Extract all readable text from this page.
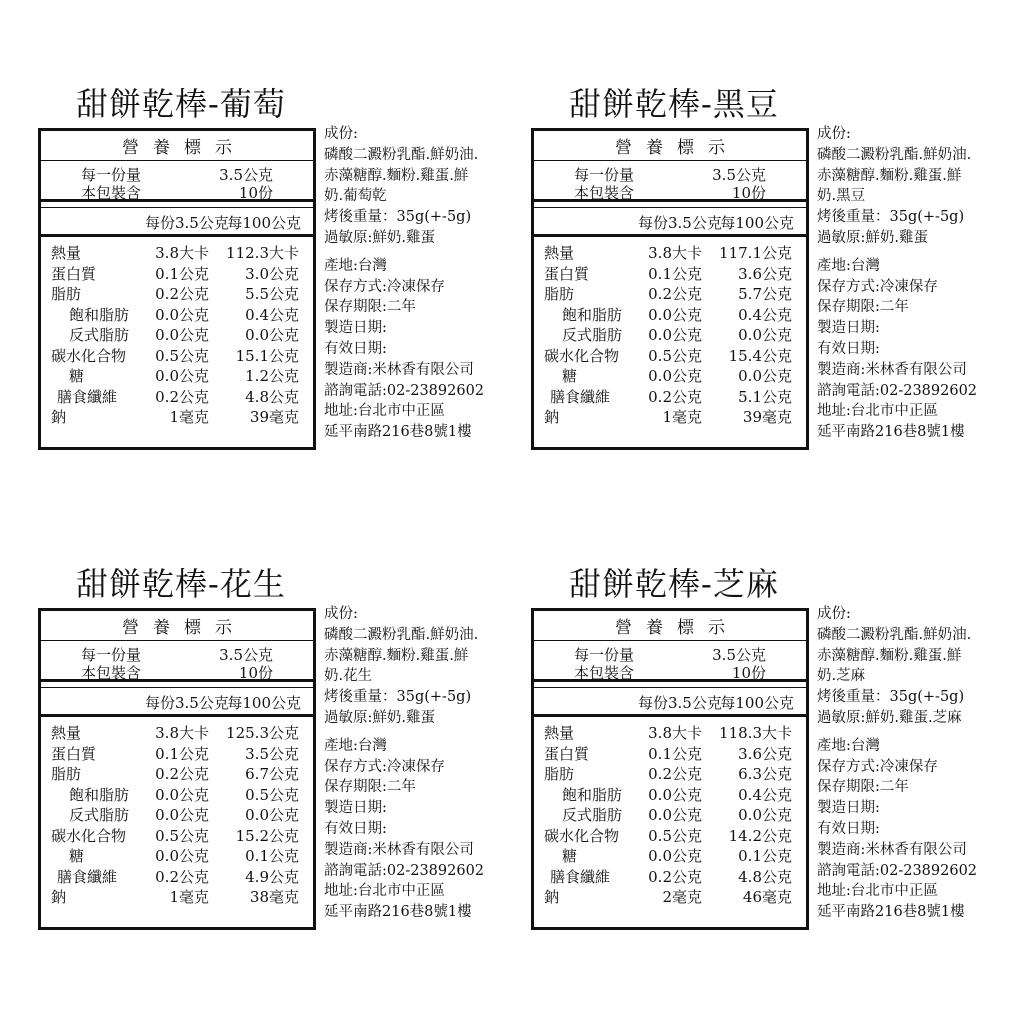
甜餅乾棒-葡萄
營養標示
每一份量	3.5公克
本包裝含	10份
每份3.5公克
每100公克
熱量	3.8大卡 112.3大卡
蛋白質	0.1公克 3.0公克
脂肪	0.2公克 5.5公克
飽和脂肪 0.0公克 0.4公克
反式脂肪 0.0公克 0.0公克
碳水化合物 0.5公克 15.1公克
糖	0.0公克 1.2公克
膳食纖維	0.2公克 4.8公克
鈉	1毫克	39毫克
成份:
磷酸二澱粉乳酯.鮮奶油.
赤藻糖醇.麵粉.雞蛋.鮮
奶.葡萄乾
烤後重量：35g(+-5g)
過敏原:鮮奶.雞蛋
產地:台灣
保存方式:冷凍保存
保存期限:二年
製造日期:
有效日期:
製造商:米林香有限公司
諮詢電話:02-23892602
地址:台北市中正區
延平南路216巷8號1樓
甜餅乾棒-黑豆
營養標示
每一份量	3.5公克
本包裝含	10份
每份3.5公克
每100公克
熱量	3.8大卡 117.1公克
蛋白質	0.1公克 3.6公克
脂肪	0.2公克 5.7公克
飽和脂肪 0.0公克 0.4公克
反式脂肪 0.0公克 0.0公克
碳水化合物 0.5公克 15.4公克
糖	0.0公克 0.0公克
膳食纖維	0.2公克 5.1公克
鈉	1毫克	39毫克
成份:
磷酸二澱粉乳酯.鮮奶油.
赤藻糖醇.麵粉.雞蛋.鮮
奶.黑豆
烤後重量：35g(+-5g)
過敏原:鮮奶.雞蛋
產地:台灣
保存方式:冷凍保存
保存期限:二年
製造日期:
有效日期:
製造商:米林香有限公司
諮詢電話:02-23892602
地址:台北市中正區
延平南路216巷8號1樓
甜餅乾棒-花生
營養標示
每一份量	3.5公克
本包裝含	10份
每份3.5公克
每100公克
熱量	3.8大卡 125.3公克
蛋白質	0.1公克 3.5公克
脂肪	0.2公克 6.7公克
飽和脂肪 0.0公克 0.5公克
反式脂肪 0.0公克 0.0公克
碳水化合物 0.5公克 15.2公克
糖	0.0公克 0.1公克
膳食纖維	0.2公克 4.9公克
鈉	1毫克	38毫克
成份:
磷酸二澱粉乳酯.鮮奶油.
赤藻糖醇.麵粉.雞蛋.鮮
奶.花生
烤後重量：35g(+-5g)
過敏原:鮮奶.雞蛋
產地:台灣
保存方式:冷凍保存
保存期限:二年
製造日期:
有效日期:
製造商:米林香有限公司
諮詢電話:02-23892602
地址:台北市中正區
延平南路216巷8號1樓
甜餅乾棒-芝麻
營養標示
每一份量	3.5公克
本包裝含	10份
每份3.5公克
每100公克
熱量	3.8大卡 118.3大卡
蛋白質	0.1公克 3.6公克
脂肪	0.2公克 6.3公克
飽和脂肪 0.0公克 0.4公克
反式脂肪 0.0公克 0.0公克
碳水化合物 0.5公克 14.2公克
糖	0.0公克 0.1公克
膳食纖維	0.2公克 4.8公克
鈉	2毫克	46毫克
成份:
磷酸二澱粉乳酯.鮮奶油.
赤藻糖醇.麵粉.雞蛋.鮮
奶.芝麻
烤後重量：35g(+-5g)
過敏原:鮮奶.雞蛋.芝麻
產地:台灣
保存方式:冷凍保存
保存期限:二年
製造日期:
有效日期:
製造商:米林香有限公司
諮詢電話:02-23892602
地址:台北市中正區
延平南路216巷8號1樓
